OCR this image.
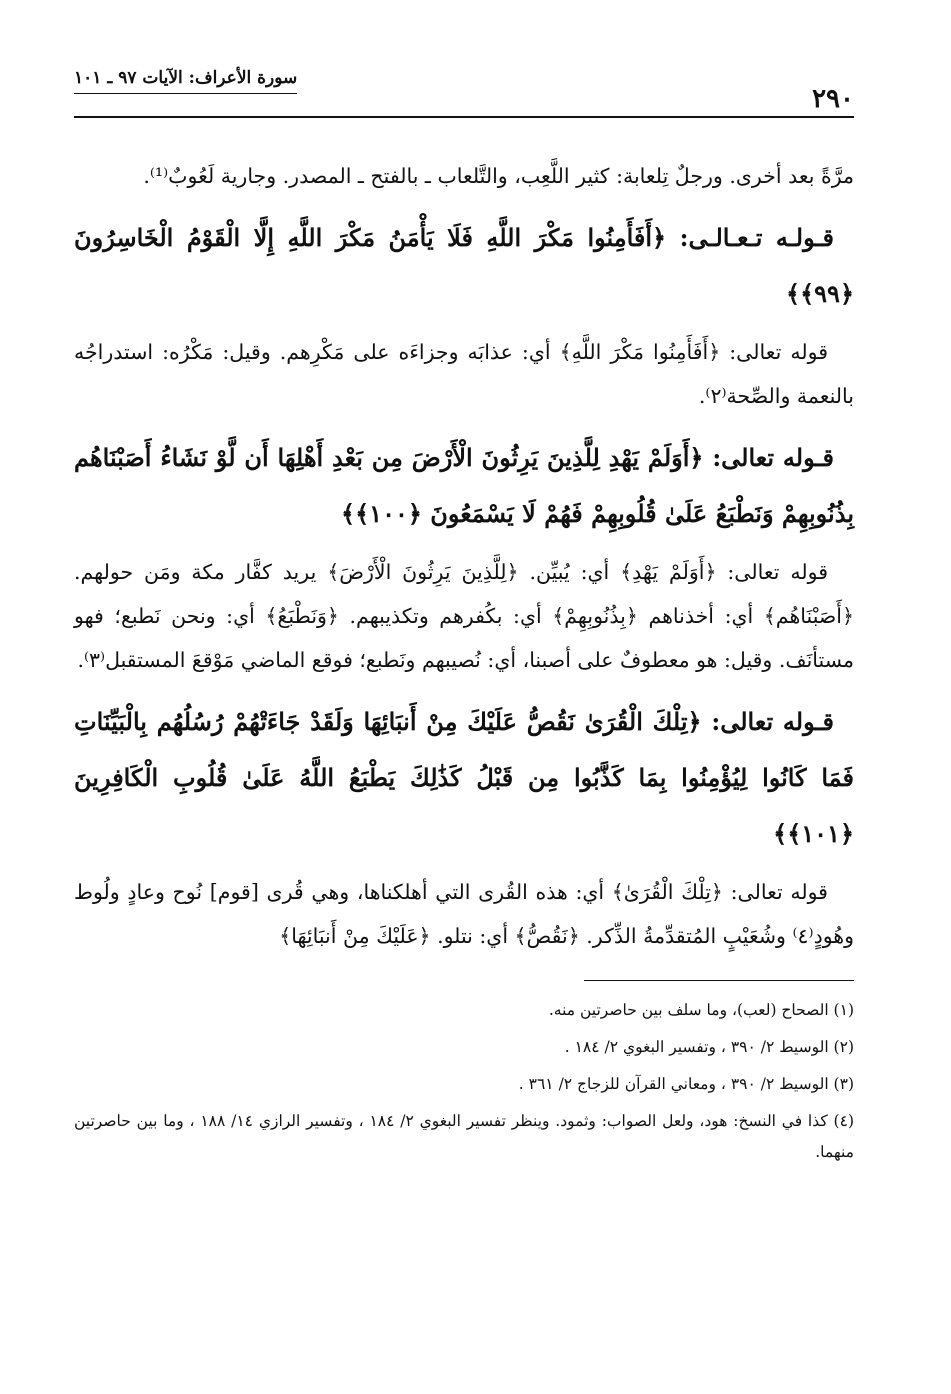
٢٩٠
سورة الأعراف: الآيات ٩٧ ـ ١٠١

مرَّةً بعد أخرى. ورجلٌ تِلعابة: كثير اللَّعِب، والتَّلعاب ـ بالفتح ـ المصدر. وجارية لَعُوبٌ⁽¹⁾.

قـولـه تـعـالـى: ﴿أَفَأَمِنُوا مَكْرَ اللَّهِ فَلَا يَأْمَنُ مَكْرَ اللَّهِ إِلَّا الْقَوْمُ الْخَاسِرُونَ ﴿٩٩﴾﴾

قوله تعالى: ﴿أَفَأَمِنُوا مَكْرَ اللَّهِ﴾ أي: عذابَه وجزاءَه على مَكْرِهم. وقيل: مَكْرُه: استدراجُه بالنعمة والصِّحة⁽٢⁾.

قـوله تعالى: ﴿أَوَلَمْ يَهْدِ لِلَّذِينَ يَرِثُونَ الْأَرْضَ مِن بَعْدِ أَهْلِهَا أَن لَّوْ نَشَاءُ أَصَبْنَاهُم بِذُنُوبِهِمْ وَنَطْبَعُ عَلَىٰ قُلُوبِهِمْ فَهُمْ لَا يَسْمَعُونَ ﴿١٠٠﴾﴾

قوله تعالى: ﴿أَوَلَمْ يَهْدِ﴾ أي: يُبيِّن. ﴿لِلَّذِينَ يَرِثُونَ الْأَرْضَ﴾ يريد كفَّار مكة ومَن حولهم. ﴿أَصَبْنَاهُم﴾ أي: أخذناهم ﴿بِذُنُوبِهِمْ﴾ أي: بكُفرهم وتكذيبهم. ﴿وَنَطْبَعُ﴾ أي: ونحن نَطبع؛ فهو مستأنَف. وقيل: هو معطوفٌ على أصبنا، أي: نُصيبهم ونَطبع؛ فوقع الماضي مَوْقعَ المستقبل⁽٣⁾.

قـوله تعالى: ﴿تِلْكَ الْقُرَىٰ نَقُصُّ عَلَيْكَ مِنْ أَنبَائِهَا وَلَقَدْ جَاءَتْهُمْ رُسُلُهُم بِالْبَيِّنَاتِ فَمَا كَانُوا لِيُؤْمِنُوا بِمَا كَذَّبُوا مِن قَبْلُ كَذَٰلِكَ يَطْبَعُ اللَّهُ عَلَىٰ قُلُوبِ الْكَافِرِينَ ﴿١٠١﴾﴾

قوله تعالى: ﴿تِلْكَ الْقُرَىٰ﴾ أي: هذه القُرى التي أهلكناها، وهي قُرى [قوم] نُوح وعادٍ ولُوط وهُودٍ⁽٤⁾ وشُعَيْبٍ المُتقدِّمةُ الذِّكر. ﴿نَقُصُّ﴾ أي: نتلو. ﴿عَلَيْكَ مِنْ أَنبَائِهَا﴾

(١) الصحاح (لعب)، وما سلف بين حاصرتين منه.

(٢) الوسيط ٢/ ٣٩٠ ، وتفسير البغوي ٢/ ١٨٤ .

(٣) الوسيط ٢/ ٣٩٠ ، ومعاني القرآن للزجاج ٢/ ٣٦١ .

(٤) كذا في النسخ: هود، ولعل الصواب: وثمود. وينظر تفسير البغوي ٢/ ١٨٤ ، وتفسير الرازي ١٤/ ١٨٨ ، وما بين حاصرتين منهما.
